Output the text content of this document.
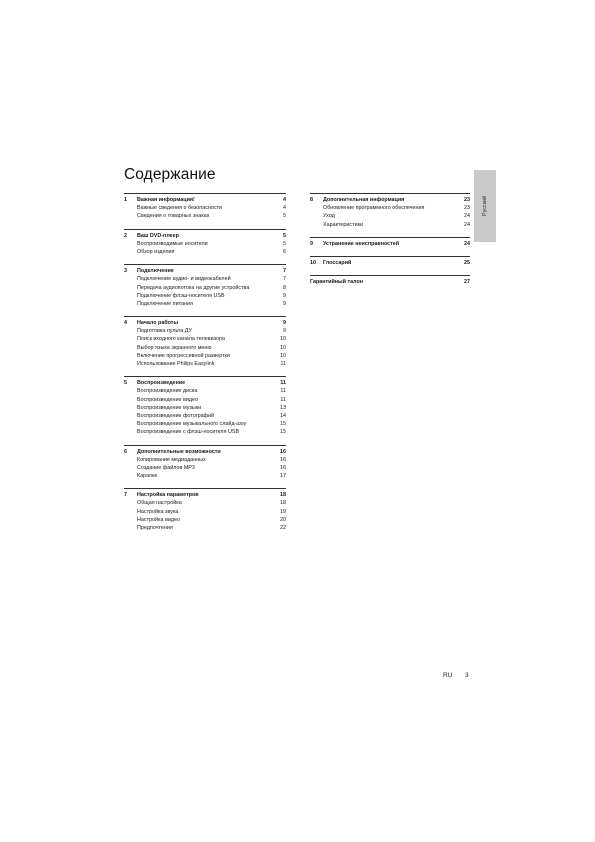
Содержание
1 Важная информация!	4
Важные сведения о безопасности	4
Сведения о товарных знаках	5
2 Ваш DVD-плеер	5
Воспроизводимые носители	5
Обзор изделия	6
3 Подключение	7
Подключение аудио- и видеокабелей	7
Передача аудиопотока на другие устройства	8
Подключение флэш-носителя USB	9
Подключение питания	9
4 Начало работы	9
Подготовка пульта ДУ	9
Поиск входного канала телевизора	10
Выбор языка экранного меню	10
Включение прогрессивной развертки	10
Использование Philips Easylink	11
5 Воспроизведение	11
Воспроизведение диска	11
Воспроизведение видео	11
Воспроизведение музыки	13
Воспроизведение фотографий	14
Воспроизведение музыкального слайд-шоу	15
Воспроизведение с флэш-носителя USB	15
6 Дополнительные возможности	16
Копирование медиаданных	16
Создание файлов MP3	16
Караоке	17
7 Настройка параметров	18
Общая настройка	18
Настройка звука	19
Настройка видео	20
Предпочтения	22
8 Дополнительная информация	23
Обновление программного обеспечения	23
Уход	24
Характеристики	24
9 Устранение неисправностей	24
10 Глоссарий	25
Гарантийный талон	27
Русский
RU 3
